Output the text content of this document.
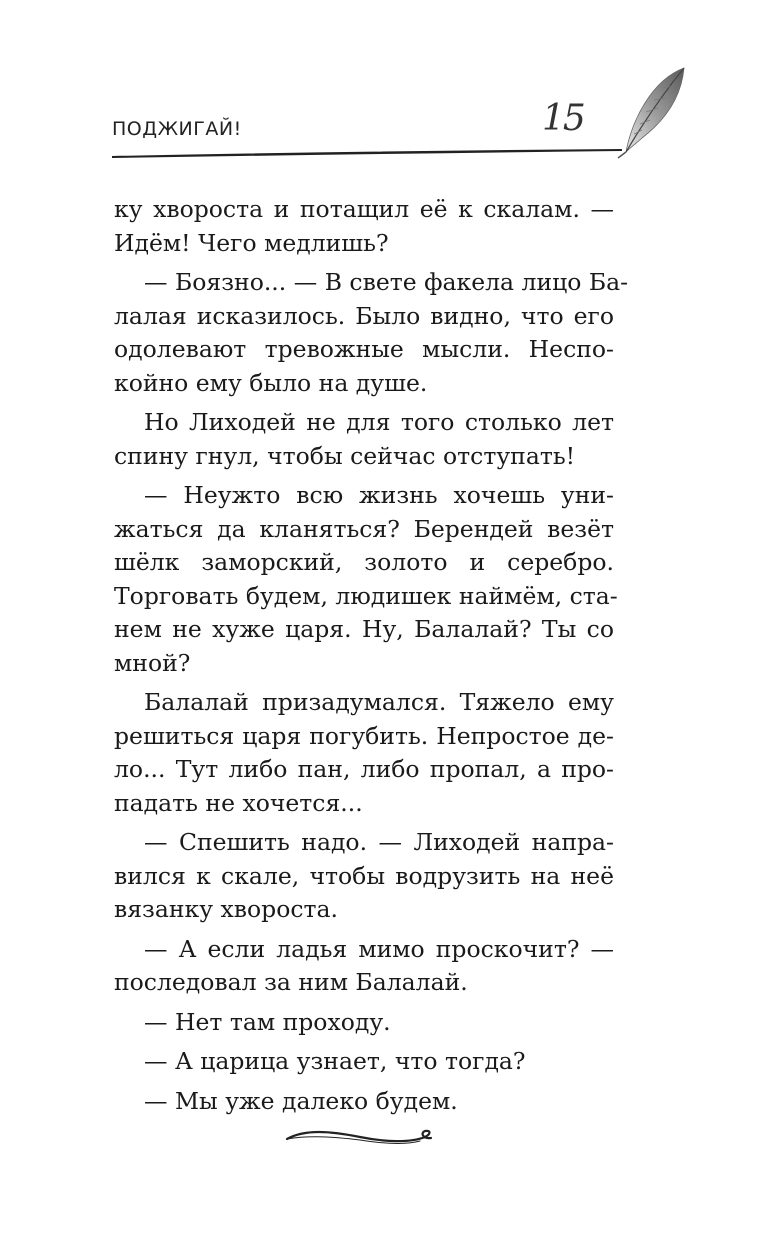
ПОДЖИГАЙ!	15
ку хвороста и потащил её к скалам. —
Идём! Чего медлишь?
— Боязно... — В свете факела лицо Ба-
лалая исказилось. Было видно, что его
одолевают тревожные мысли. Неспо-
койно ему было на душе.
Но Лиходей не для того столько лет
спину гнул, чтобы сейчас отступать!
— Неужто всю жизнь хочешь уни-
жаться да кланяться? Берендей везёт
шёлк заморский, золото и серебро.
Торговать будем, людишек наймём, ста-
нем не хуже царя. Ну, Балалай? Ты со
мной?
Балалай призадумался. Тяжело ему
решиться царя погубить. Непростое де-
ло... Тут либо пан, либо пропал, а про-
падать не хочется...
— Спешить надо. — Лиходей напра-
вился к скале, чтобы водрузить на неё
вязанку хвороста.
— А если ладья мимо проскочит? —
последовал за ним Балалай.
— Нет там проходу.
— А царица узнает, что тогда?
— Мы уже далеко будем.
